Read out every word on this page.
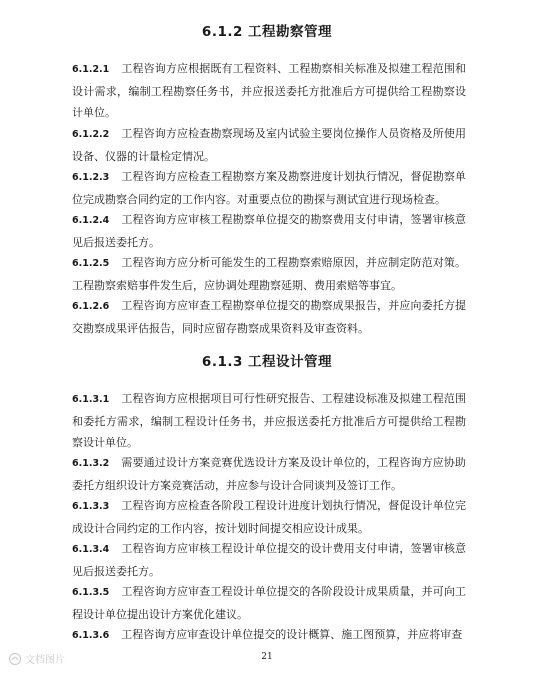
6.1.2 工程勘察管理
6.1.2.1 工程咨询方应根据既有工程资料、工程勘察相关标准及拟建工程范围和设计需求，编制工程勘察任务书，并应报送委托方批准后方可提供给工程勘察设计单位。
6.1.2.2 工程咨询方应检查勘察现场及室内试验主要岗位操作人员资格及所使用设备、仪器的计量检定情况。
6.1.2.3 工程咨询方应检查工程勘察方案及勘察进度计划执行情况，督促勘察单位完成勘察合同约定的工作内容。对重要点位的勘探与测试宜进行现场检查。
6.1.2.4 工程咨询方应审核工程勘察单位提交的勘察费用支付申请，签署审核意见后报送委托方。
6.1.2.5 工程咨询方应分析可能发生的工程勘察索赔原因，并应制定防范对策。工程勘察索赔事件发生后，应协调处理勘察延期、费用索赔等事宜。
6.1.2.6 工程咨询方应审查工程勘察单位提交的勘察成果报告，并应向委托方提交勘察成果评估报告，同时应留存勘察成果资料及审查资料。
6.1.3 工程设计管理
6.1.3.1 工程咨询方应根据项目可行性研究报告、工程建设标准及拟建工程范围和委托方需求，编制工程设计任务书，并应报送委托方批准后方可提供给工程勘察设计单位。
6.1.3.2 需要通过设计方案竞赛优选设计方案及设计单位的，工程咨询方应协助委托方组织设计方案竞赛活动，并应参与设计合同谈判及签订工作。
6.1.3.3 工程咨询方应检查各阶段工程设计进度计划执行情况，督促设计单位完成设计合同约定的工作内容，按计划时间提交相应设计成果。
6.1.3.4 工程咨询方应审核工程设计单位提交的设计费用支付申请，签署审核意见后报送委托方。
6.1.3.5 工程咨询方应审查工程设计单位提交的各阶段设计成果质量，并可向工程设计单位提出设计方案优化建议。
6.1.3.6 工程咨询方应审查设计单位提交的设计概算、施工图预算，并应将审查
21
文档图片
